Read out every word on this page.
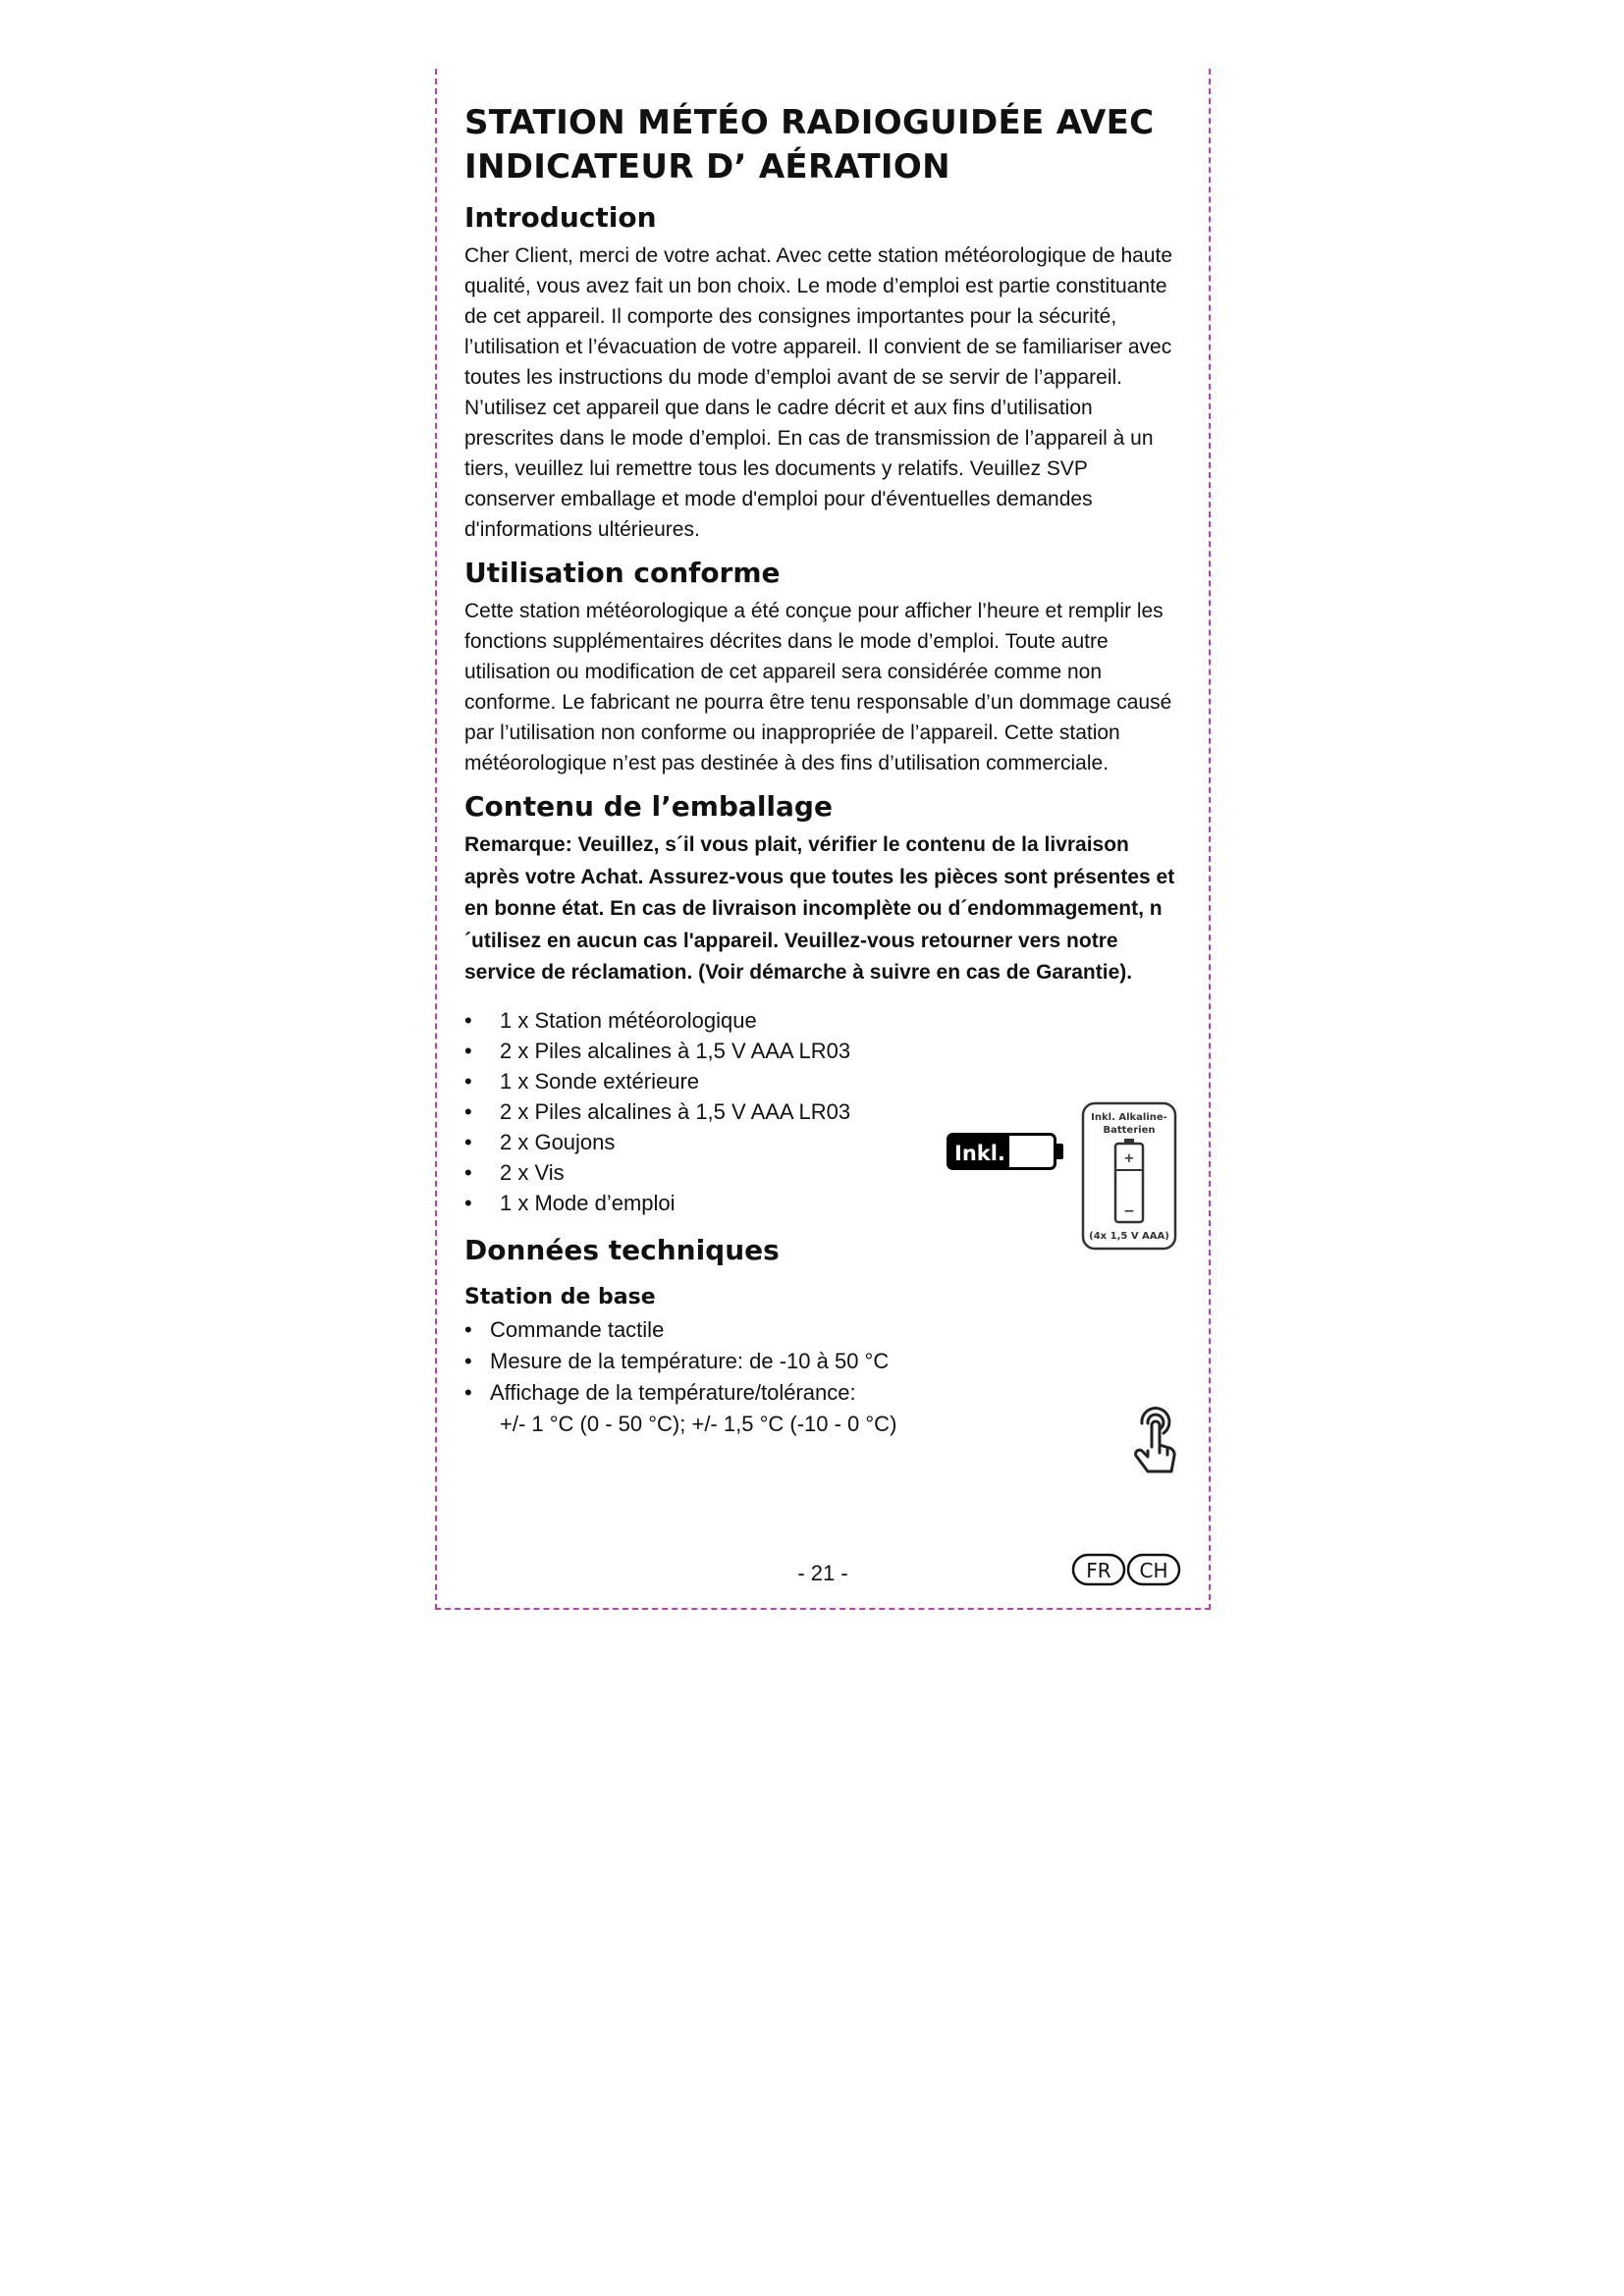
STATION MÉTÉO RADIOGUIDÉE AVEC
INDICATEUR D’ AÉRATION
Introduction

Cher Client, merci de votre achat. Avec cette station météorologique de haute qualité, vous avez fait un bon choix. Le mode d’emploi est partie constituante de cet appareil. Il comporte des consignes importantes pour la sécurité, l’utilisation et l’évacuation de votre appareil. Il convient de se familiariser avec toutes les instructions du mode d’emploi avant de se servir de l’appareil. N’utilisez cet appareil que dans le cadre décrit et aux fins d’utilisation prescrites dans le mode d’emploi. En cas de transmission de l’appareil à un tiers, veuillez lui remettre tous les documents y relatifs. Veuillez SVP conserver emballage et mode d'emploi pour d'éventuelles demandes d'informations ultérieures.

Utilisation conforme

Cette station météorologique a été conçue pour afficher l’heure et remplir les fonctions supplémentaires décrites dans le mode d’emploi. Toute autre utilisation ou modification de cet appareil sera considérée comme non conforme. Le fabricant ne pourra être tenu responsable d’un dommage causé par l’utilisation non conforme ou inappropriée de l’appareil. Cette station météorologique n’est pas destinée à des fins d’utilisation commerciale.

Contenu de l’emballage

Remarque: Veuillez, s´il vous plait, vérifier le contenu de la livraison après votre Achat. Assurez-vous que toutes les pièces sont présentes et en bonne état. En cas de livraison incomplète ou d´endommagement, n´utilisez en aucun cas l'appareil. Veuillez-vous retourner vers notre service de réclamation. (Voir démarche à suivre en cas de Garantie).

• 1 x Station météorologique
• 2 x Piles alcalines à 1,5 V AAA LR03
• 1 x Sonde extérieure
• 2 x Piles alcalines à 1,5 V AAA LR03
• 2 x Goujons
• 2 x Vis
• 1 x Mode d’emploi
Données techniques
Station de base
• Commande tactile
• Mesure de la température: de -10 à 50 °C
• Affichage de la température/tolérance:
+/- 1 °C (0 - 50 °C); +/- 1,5 °C (-10 - 0 °C)
Inkl.
Inkl. Alkaline-
Batterien
+
−
(4x 1,5 V AAA)
- 21 -	FR CH
